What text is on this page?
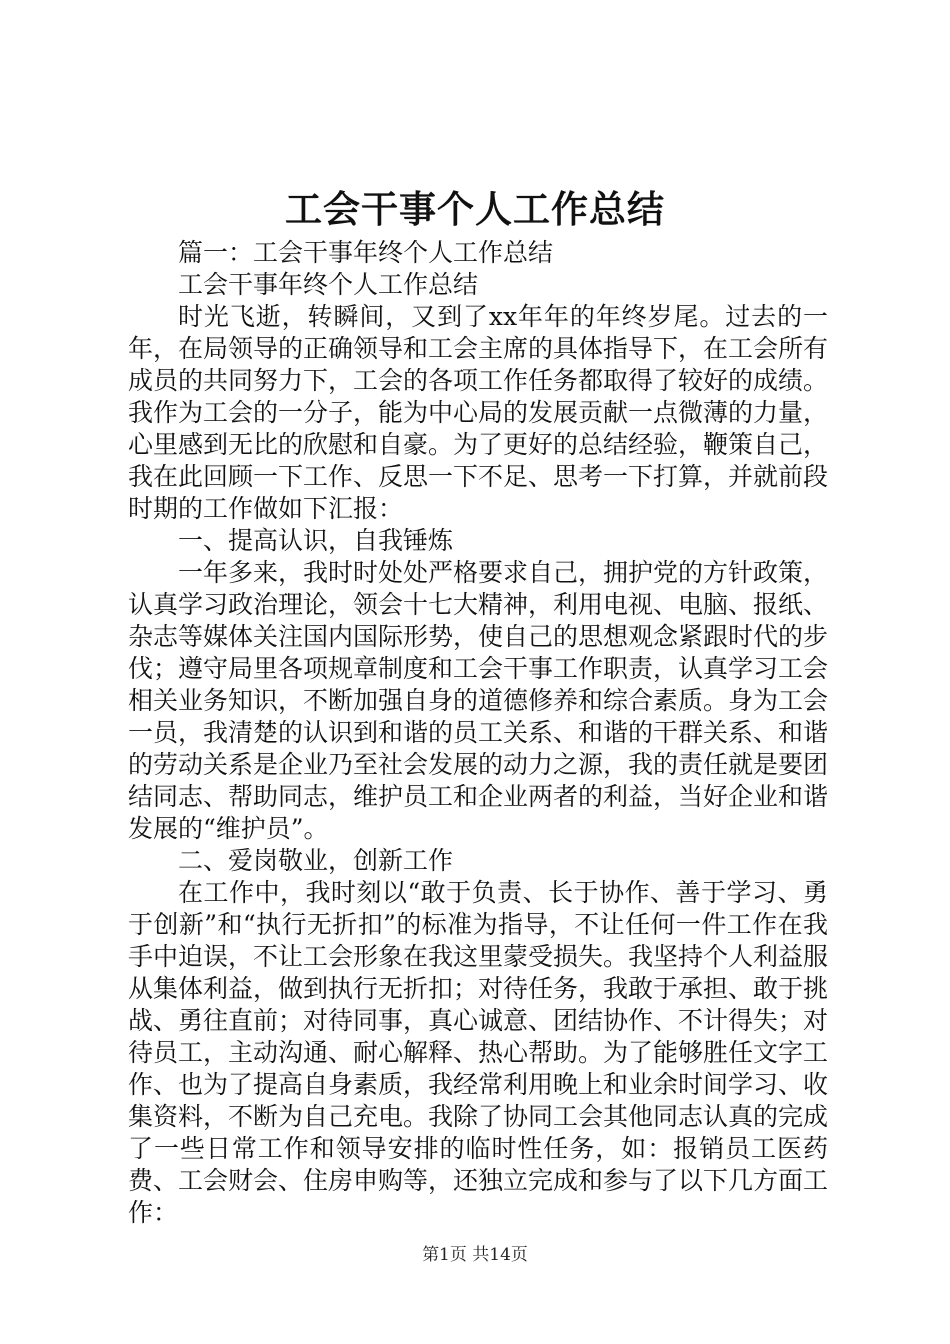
工会干事个人工作总结

篇一：工会干事年终个人工作总结

工会干事年终个人工作总结

时光飞逝，转瞬间，又到了xx年年的年终岁尾。过去的一年，在局领导的正确领导和工会主席的具体指导下，在工会所有成员的共同努力下，工会的各项工作任务都取得了较好的成绩。我作为工会的一分子，能为中心局的发展贡献一点微薄的力量，心里感到无比的欣慰和自豪。为了更好的总结经验，鞭策自己，我在此回顾一下工作、反思一下不足、思考一下打算，并就前段时期的工作做如下汇报：

一、提高认识，自我锤炼

一年多来，我时时处处严格要求自己，拥护党的方针政策，认真学习政治理论，领会十七大精神，利用电视、电脑、报纸、杂志等媒体关注国内国际形势，使自己的思想观念紧跟时代的步伐；遵守局里各项规章制度和工会干事工作职责，认真学习工会相关业务知识，不断加强自身的道德修养和综合素质。身为工会一员，我清楚的认识到和谐的员工关系、和谐的干群关系、和谐的劳动关系是企业乃至社会发展的动力之源，我的责任就是要团结同志、帮助同志，维护员工和企业两者的利益，当好企业和谐发展的“维护员”。

二、爱岗敬业，创新工作

在工作中，我时刻以“敢于负责、长于协作、善于学习、勇于创新”和“执行无折扣”的标准为指导，不让任何一件工作在我手中迫误，不让工会形象在我这里蒙受损失。我坚持个人利益服从集体利益，做到执行无折扣；对待任务，我敢于承担、敢于挑战、勇往直前；对待同事，真心诚意、团结协作、不计得失；对待员工，主动沟通、耐心解释、热心帮助。为了能够胜任文字工作、也为了提高自身素质，我经常利用晚上和业余时间学习、收集资料，不断为自己充电。我除了协同工会其他同志认真的完成了一些日常工作和领导安排的临时性任务，如：报销员工医药费、工会财会、住房申购等，还独立完成和参与了以下几方面工作：

第1页 共14页
